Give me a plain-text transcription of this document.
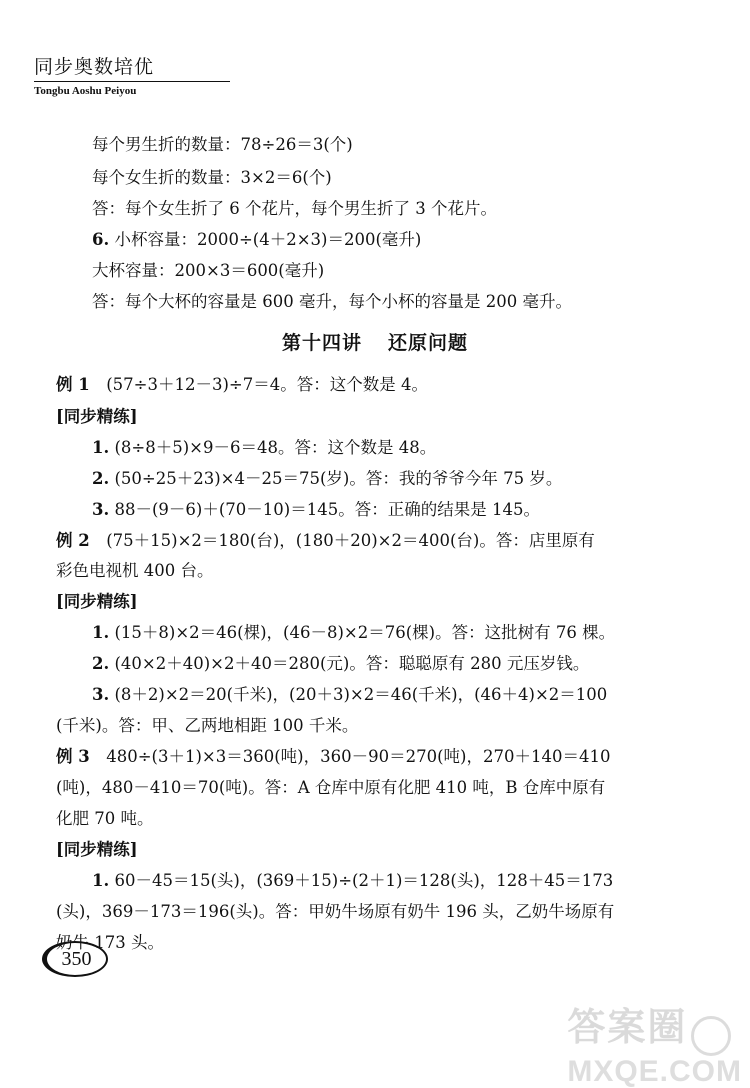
同步奥数培优
Tongbu Aoshu Peiyou
每个男生折的数量：78÷26＝3(个)
每个女生折的数量：3×2＝6(个)
答：每个女生折了 6 个花片，每个男生折了 3 个花片。
6. 小杯容量：2000÷(4＋2×3)＝200(毫升)
大杯容量：200×3＝600(毫升)
答：每个大杯的容量是 600 毫升，每个小杯的容量是 200 毫升。
第十四讲 还原问题
例 1　(57÷3＋12－3)÷7＝4。答：这个数是 4。
[同步精练]
1. (8÷8＋5)×9－6＝48。答：这个数是 48。
2. (50÷25＋23)×4－25＝75(岁)。答：我的爷爷今年 75 岁。
3. 88－(9－6)＋(70－10)＝145。答：正确的结果是 145。
例 2　(75＋15)×2＝180(台)，(180＋20)×2＝400(台)。答：店里原有
彩色电视机 400 台。
[同步精练]
1. (15＋8)×2＝46(棵)，(46－8)×2＝76(棵)。答：这批树有 76 棵。
2. (40×2＋40)×2＋40＝280(元)。答：聪聪原有 280 元压岁钱。
3. (8＋2)×2＝20(千米)，(20＋3)×2＝46(千米)，(46＋4)×2＝100
(千米)。答：甲、乙两地相距 100 千米。
例 3　480÷(3＋1)×3＝360(吨)，360－90＝270(吨)，270＋140＝410
(吨)，480－410＝70(吨)。答：A 仓库中原有化肥 410 吨，B 仓库中原有
化肥 70 吨。
[同步精练]
1. 60－45＝15(头)，(369＋15)÷(2＋1)＝128(头)，128＋45＝173
(头)，369－173＝196(头)。答：甲奶牛场原有奶牛 196 头，乙奶牛场原有
奶牛 173 头。
350
答案圈
MXQE.COM
